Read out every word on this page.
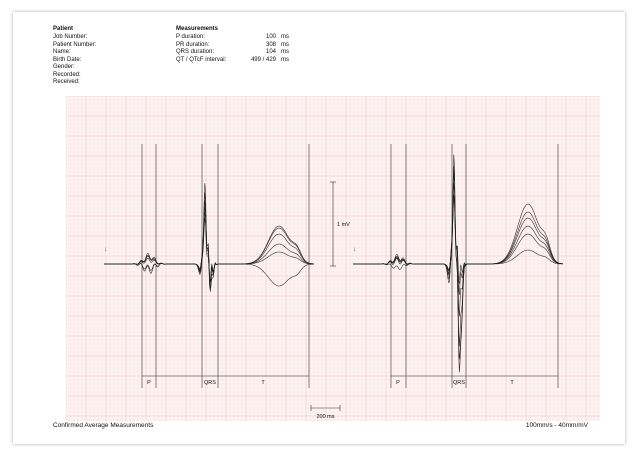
Patient
Job Number:
Patient Number:
Name:
Birth Date:
Gender:
Recorded:
Received:
Measurements
P duration:	100 ms
PR duration:	308 ms
QRS duration:	104 ms
QT / QTcF interval:	499 / 429 ms
P	QRS	T	P	QRS	T
1 mV
200 ms
↓	↓
Confirmed Average Measurements	100mm/s - 40mm/mV
